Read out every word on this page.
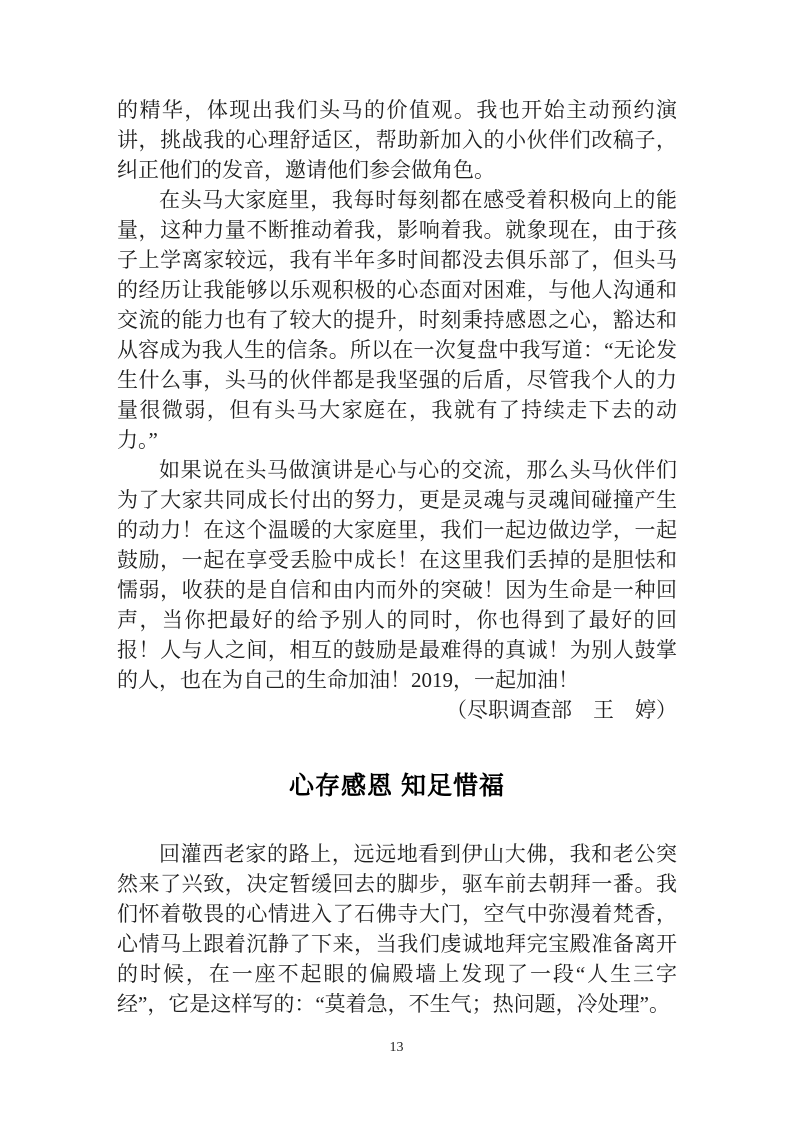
的精华，体现出我们头马的价值观。我也开始主动预约演讲，挑战我的心理舒适区，帮助新加入的小伙伴们改稿子，纠正他们的发音，邀请他们参会做角色。

在头马大家庭里，我每时每刻都在感受着积极向上的能量，这种力量不断推动着我，影响着我。就象现在，由于孩子上学离家较远，我有半年多时间都没去俱乐部了，但头马的经历让我能够以乐观积极的心态面对困难，与他人沟通和交流的能力也有了较大的提升，时刻秉持感恩之心，豁达和从容成为我人生的信条。所以在一次复盘中我写道：“无论发生什么事，头马的伙伴都是我坚强的后盾，尽管我个人的力量很微弱，但有头马大家庭在，我就有了持续走下去的动力。”

如果说在头马做演讲是心与心的交流，那么头马伙伴们为了大家共同成长付出的努力，更是灵魂与灵魂间碰撞产生的动力！在这个温暖的大家庭里，我们一起边做边学，一起鼓励，一起在享受丢脸中成长！在这里我们丢掉的是胆怯和懦弱，收获的是自信和由内而外的突破！因为生命是一种回声，当你把最好的给予别人的同时，你也得到了最好的回报！人与人之间，相互的鼓励是最难得的真诚！为别人鼓掌的人，也在为自己的生命加油！2019，一起加油！

（尽职调查部　王　婷）

心存感恩 知足惜福

回灌西老家的路上，远远地看到伊山大佛，我和老公突然来了兴致，决定暂缓回去的脚步，驱车前去朝拜一番。我们怀着敬畏的心情进入了石佛寺大门，空气中弥漫着梵香，心情马上跟着沉静了下来，当我们虔诚地拜完宝殿准备离开的时候，在一座不起眼的偏殿墙上发现了一段“人生三字经”，它是这样写的：“莫着急，不生气；热问题，冷处理”。

13
